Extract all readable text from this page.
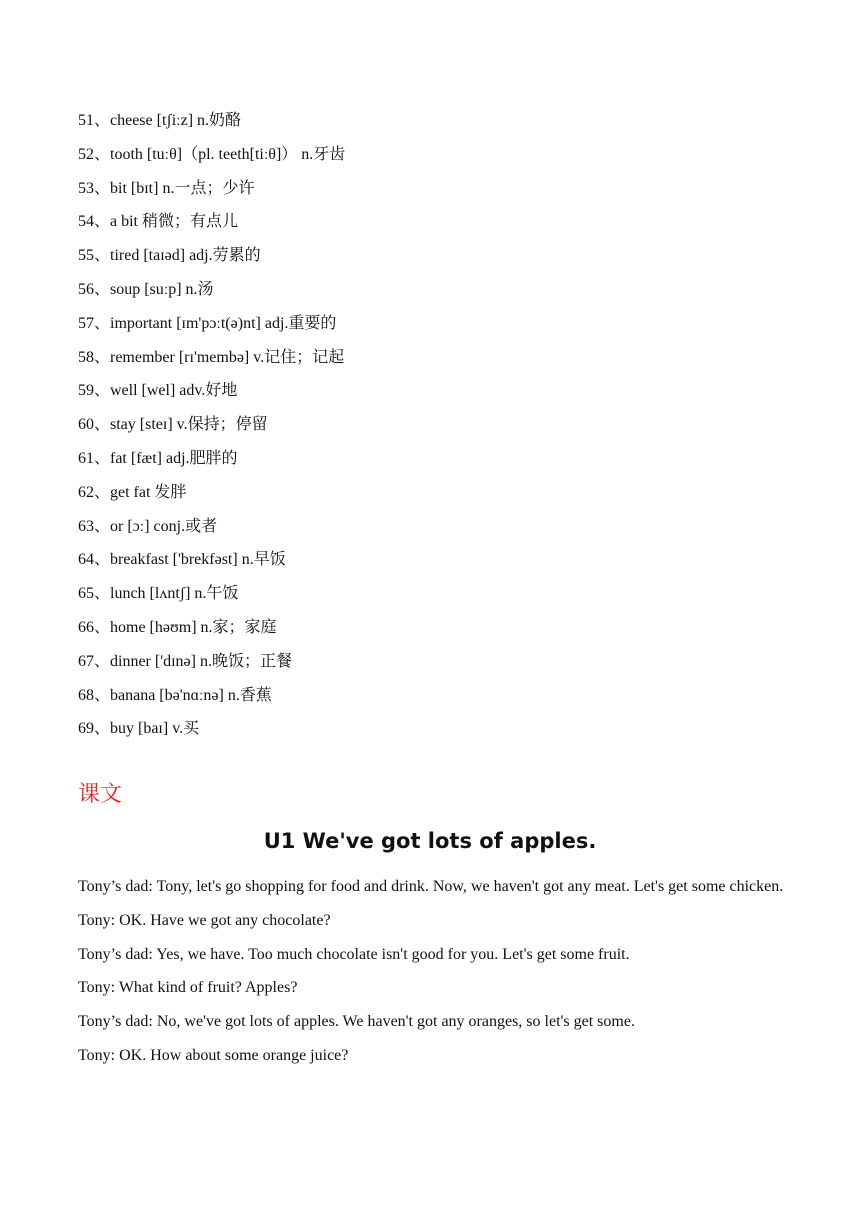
51、cheese [tʃiːz] n.奶酪
52、tooth [tuːθ]（pl. teeth[tiːθ]） n.牙齿
53、bit [bɪt] n.一点；少许
54、a bit 稍微；有点儿
55、tired [taɪəd] adj.劳累的
56、soup [suːp] n.汤
57、important [ɪm'pɔːt(ə)nt] adj.重要的
58、remember [rɪ'membə] v.记住；记起
59、well [wel] adv.好地
60、stay [steɪ] v.保持；停留
61、fat [fæt] adj.肥胖的
62、get fat 发胖
63、or [ɔː] conj.或者
64、breakfast ['brekfəst] n.早饭
65、lunch [lʌntʃ] n.午饭
66、home [həʊm] n.家；家庭
67、dinner ['dɪnə] n.晚饭；正餐
68、banana [bə'nɑːnə] n.香蕉
69、buy [baɪ] v.买
课文
U1 We've got lots of apples.
Tony’s dad: Tony, let's go shopping for food and drink. Now, we haven't got any meat. Let's get some chicken.
Tony: OK. Have we got any chocolate?
Tony’s dad: Yes, we have. Too much chocolate isn't good for you. Let's get some fruit.
Tony: What kind of fruit? Apples?
Tony’s dad: No, we've got lots of apples. We haven't got any oranges, so let's get some.
Tony: OK. How about some orange juice?
